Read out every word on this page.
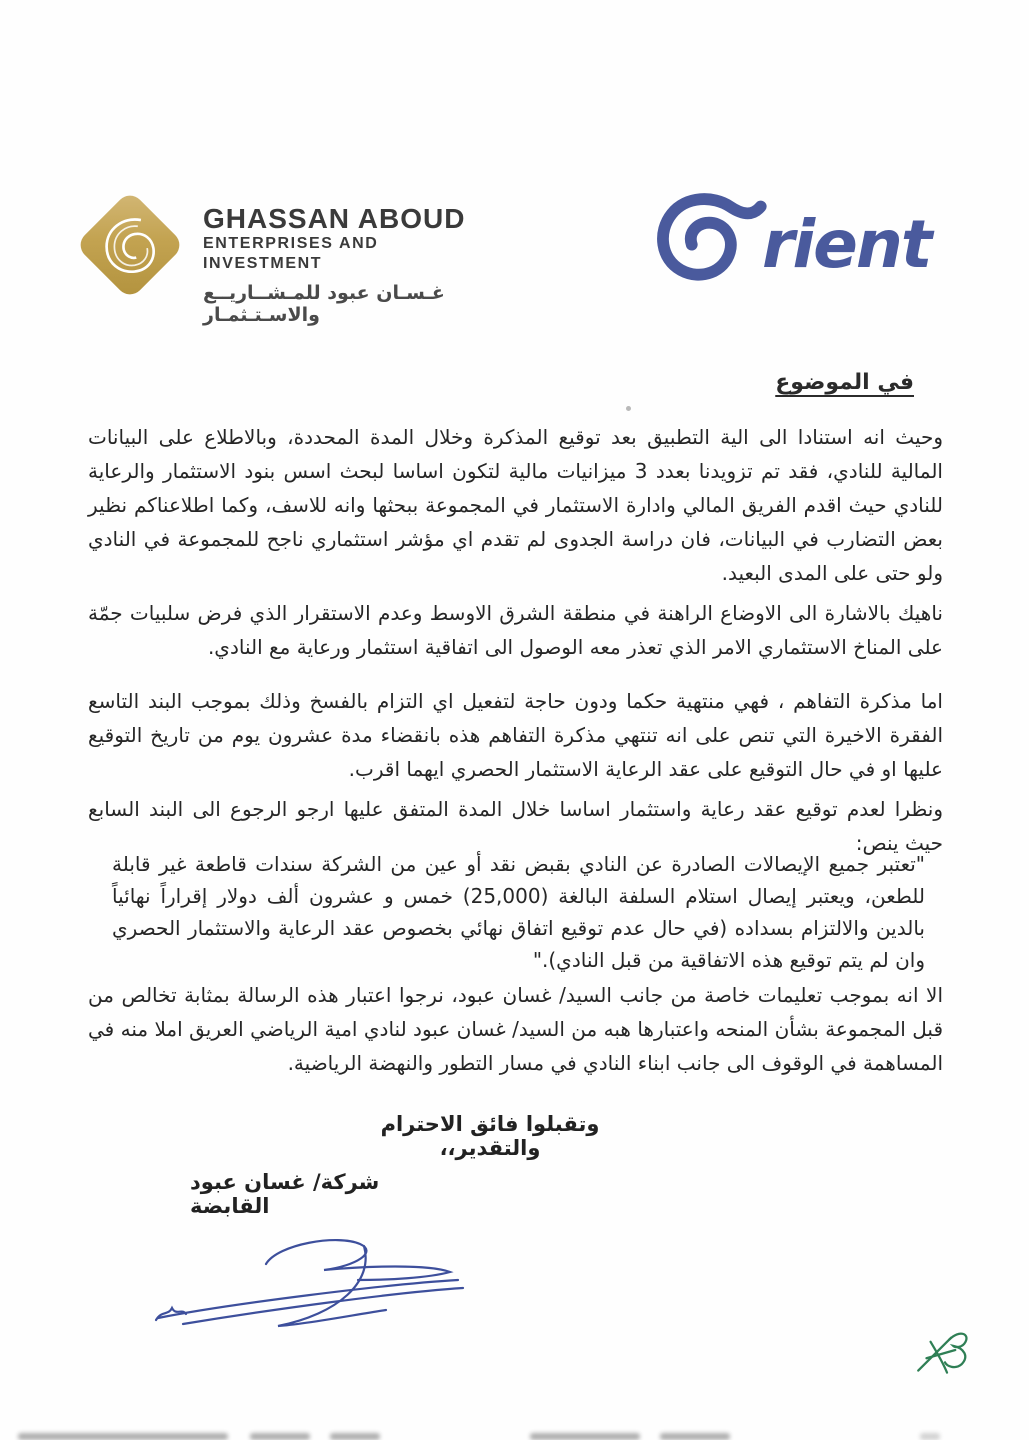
GHASSAN ABOUD
ENTERPRISES AND INVESTMENT
غـسـان عبود للمـشــاريــع والاسـتـثمـار
rient
في الموضوع
وحيث انه استنادا الى الية التطبيق بعد توقيع المذكرة وخلال المدة المحددة، وبالاطلاع على البيانات المالية للنادي، فقد تم تزويدنا بعدد 3 ميزانيات مالية لتكون اساسا لبحث اسس بنود الاستثمار والرعاية للنادي حيث اقدم الفريق المالي وادارة الاستثمار في المجموعة ببحثها وانه للاسف، وكما اطلاعناكم نظير بعض التضارب في البيانات، فان دراسة الجدوى لم تقدم اي مؤشر استثماري ناجح للمجموعة في النادي ولو حتى على المدى البعيد.
ناهيك بالاشارة الى الاوضاع الراهنة في منطقة الشرق الاوسط وعدم الاستقرار الذي فرض سلبيات جمّة على المناخ الاستثماري الامر الذي تعذر معه الوصول الى اتفاقية استثمار ورعاية مع النادي.
اما مذكرة التفاهم ، فهي منتهية حكما ودون حاجة لتفعيل اي التزام بالفسخ وذلك بموجب البند التاسع الفقرة الاخيرة التي تنص على انه تنتهي مذكرة التفاهم هذه بانقضاء مدة عشرون يوم من تاريخ التوقيع عليها او في حال التوقيع على عقد الرعاية الاستثمار الحصري ايهما اقرب.
ونظرا لعدم توقيع عقد رعاية واستثمار اساسا خلال المدة المتفق عليها ارجو الرجوع الى البند السابع حيث ينص:
"تعتبر جميع الإيصالات الصادرة عن النادي بقبض نقد أو عين من الشركة سندات قاطعة غير قابلة للطعن، ويعتبر إيصال استلام السلفة البالغة (25,000) خمس و عشرون ألف دولار إقراراً نهائياً بالدين والالتزام بسداده (في حال عدم توقيع اتفاق نهائي بخصوص عقد الرعاية والاستثمار الحصري وان لم يتم توقيع هذه الاتفاقية من قبل النادي)."
الا انه بموجب تعليمات خاصة من جانب السيد/ غسان عبود، نرجوا اعتبار هذه الرسالة بمثابة تخالص من قبل المجموعة بشأن المنحه واعتبارها هبه من السيد/ غسان عبود لنادي امية الرياضي العريق املا منه في المساهمة في الوقوف الى جانب ابناء النادي في مسار التطور والنهضة الرياضية.
وتقبلوا فائق الاحترام والتقدير،،
شركة/ غسان عبود القابضة
